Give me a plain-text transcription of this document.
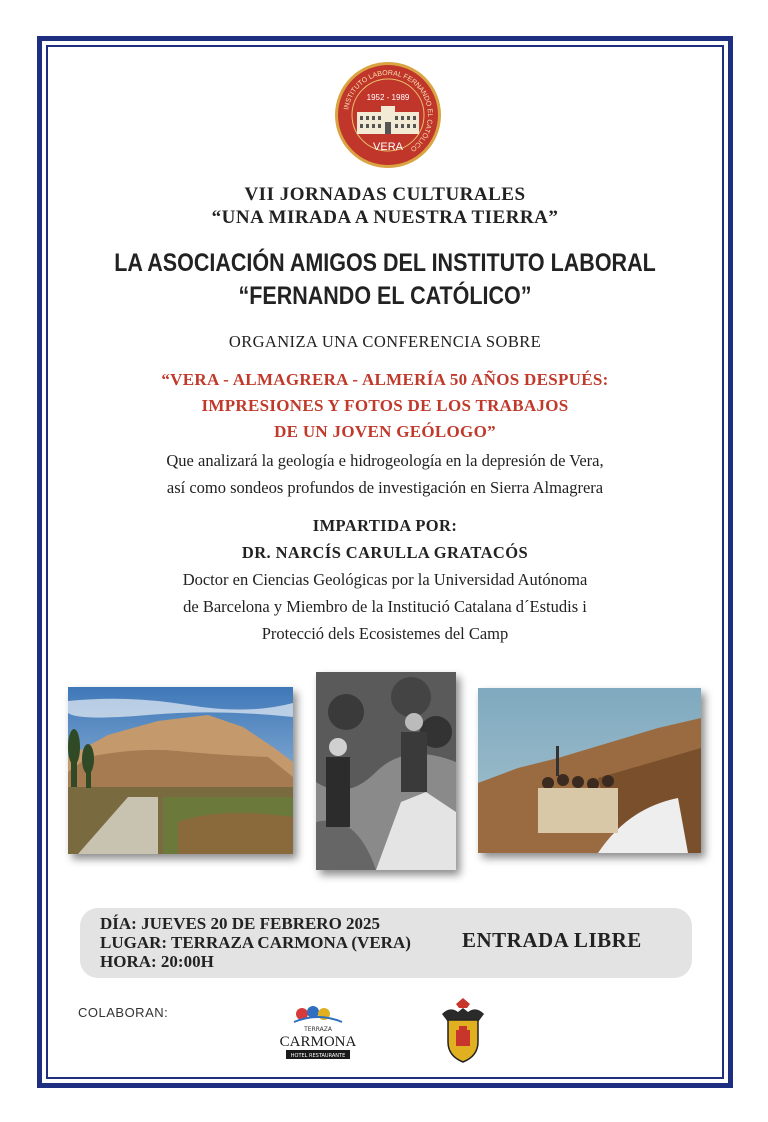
INSTITUTO LABORAL FERNANDO EL CATÓLICO
1952 - 1989
VERA
VII JORNADAS CULTURALES
“UNA MIRADA A NUESTRA TIERRA”
LA ASOCIACIÓN AMIGOS DEL INSTITUTO LABORAL
“FERNANDO EL CATÓLICO”
ORGANIZA UNA CONFERENCIA SOBRE
“VERA - ALMAGRERA - ALMERÍA 50 AÑOS DESPUÉS:
IMPRESIONES Y FOTOS DE LOS TRABAJOS
DE UN JOVEN GEÓLOGO”
Que analizará la geología e hidrogeología en la depresión de Vera,
así como sondeos profundos de investigación en Sierra Almagrera
IMPARTIDA POR:
DR. NARCÍS CARULLA GRATACÓS
Doctor en Ciencias Geológicas por la Universidad Autónoma
de Barcelona y Miembro de la Institució Catalana d´Estudis i
Protecció dels Ecosistemes del Camp
DÍA: JUEVES 20 DE FEBRERO 2025
LUGAR: TERRAZA CARMONA (VERA)
HORA: 20:00H
ENTRADA LIBRE
COLABORAN:
TERRAZA
CARMONA
HOTEL RESTAURANTE
